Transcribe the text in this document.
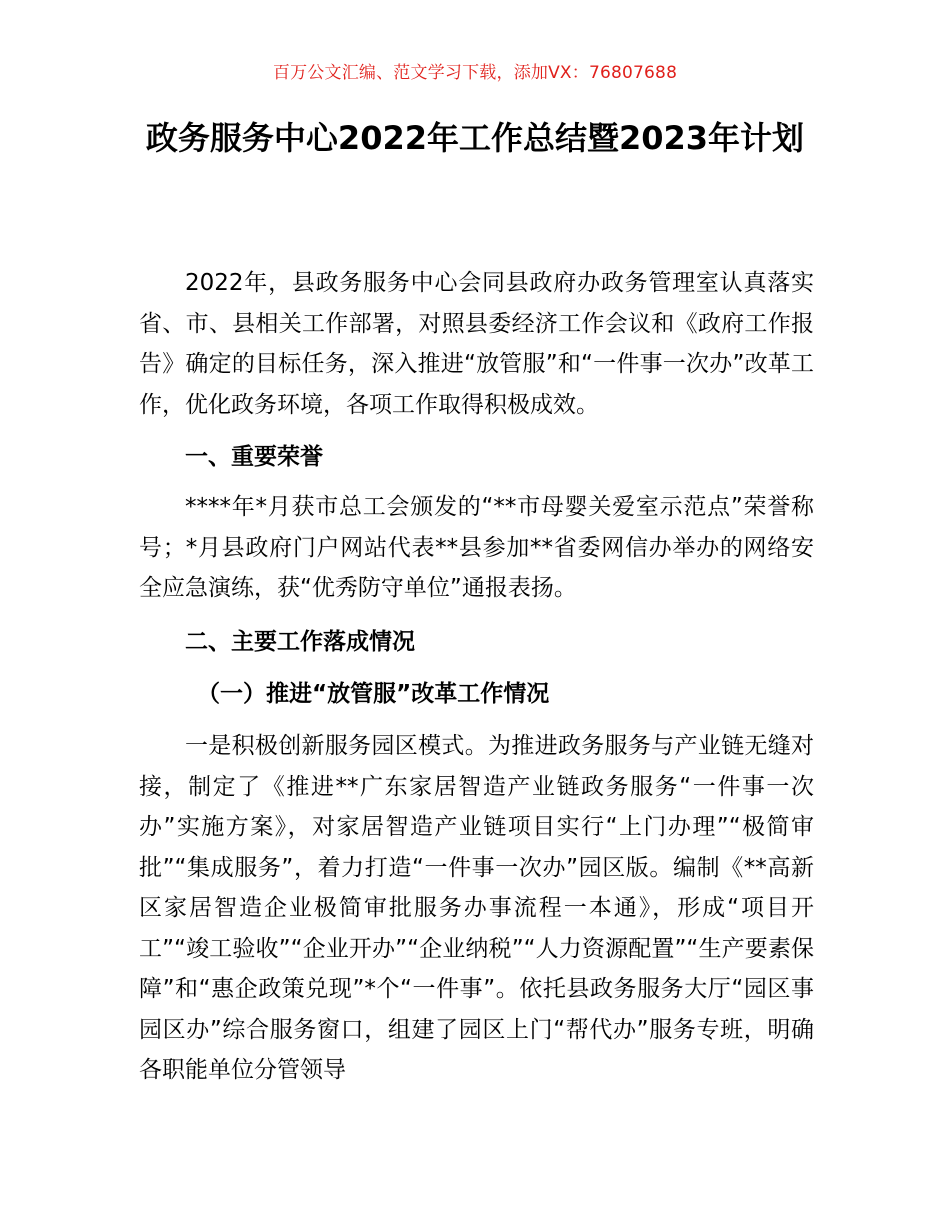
百万公文汇编、范文学习下载，添加VX：76807688
政务服务中心2022年工作总结暨2023年计划
2022年，县政务服务中心会同县政府办政务管理室认真落实省、市、县相关工作部署，对照县委经济工作会议和《政府工作报告》确定的目标任务，深入推进“放管服”和“一件事一次办”改革工作，优化政务环境，各项工作取得积极成效。
一、重要荣誉
****年*月获市总工会颁发的“**市母婴关爱室示范点”荣誉称号；*月县政府门户网站代表**县参加**省委网信办举办的网络安全应急演练，获“优秀防守单位”通报表扬。
二、主要工作落成情况
（一）推进“放管服”改革工作情况
一是积极创新服务园区模式。为推进政务服务与产业链无缝对接，制定了《推进**广东家居智造产业链政务服务“一件事一次办”实施方案》，对家居智造产业链项目实行“上门办理”“极简审批”“集成服务”，着力打造“一件事一次办”园区版。编制《**高新区家居智造企业极简审批服务办事流程一本通》，形成“项目开工”“竣工验收”“企业开办”“企业纳税”“人力资源配置”“生产要素保障”和“惠企政策兑现”*个“一件事”。依托县政务服务大厅“园区事园区办”综合服务窗口，组建了园区上门“帮代办”服务专班，明确各职能单位分管领导
